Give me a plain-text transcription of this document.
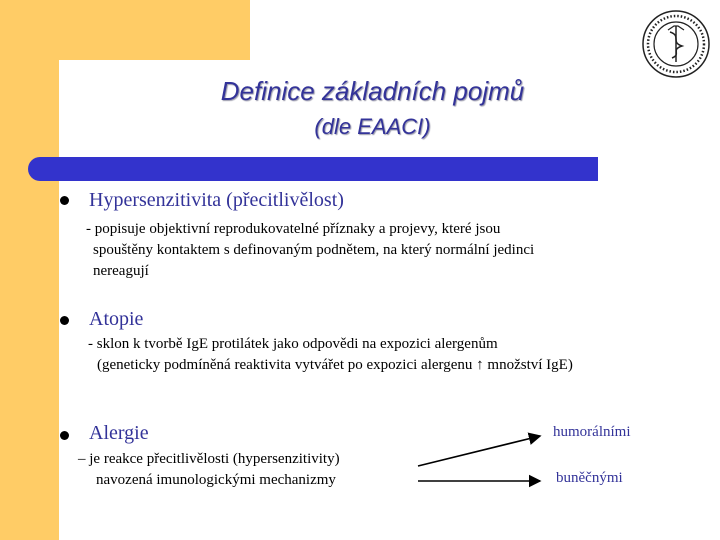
Definice základních pojmů
(dle EAACI)
Hypersenzitivita (přecitlivělost)
- popisuje objektivní reprodukovatelné příznaky a projevy, které jsou
spouštěny kontaktem s definovaným podnětem, na který normální jedinci
nereagují
Atopie
- sklon k tvorbě IgE protilátek jako odpovědi na expozici alergenům
(geneticky podmíněná reaktivita vytvářet po expozici alergenu ↑ množství IgE)
Alergie
– je reakce přecitlivělosti (hypersenzitivity)
navozená imunologickými mechanizmy
humorálními
buněčnými
